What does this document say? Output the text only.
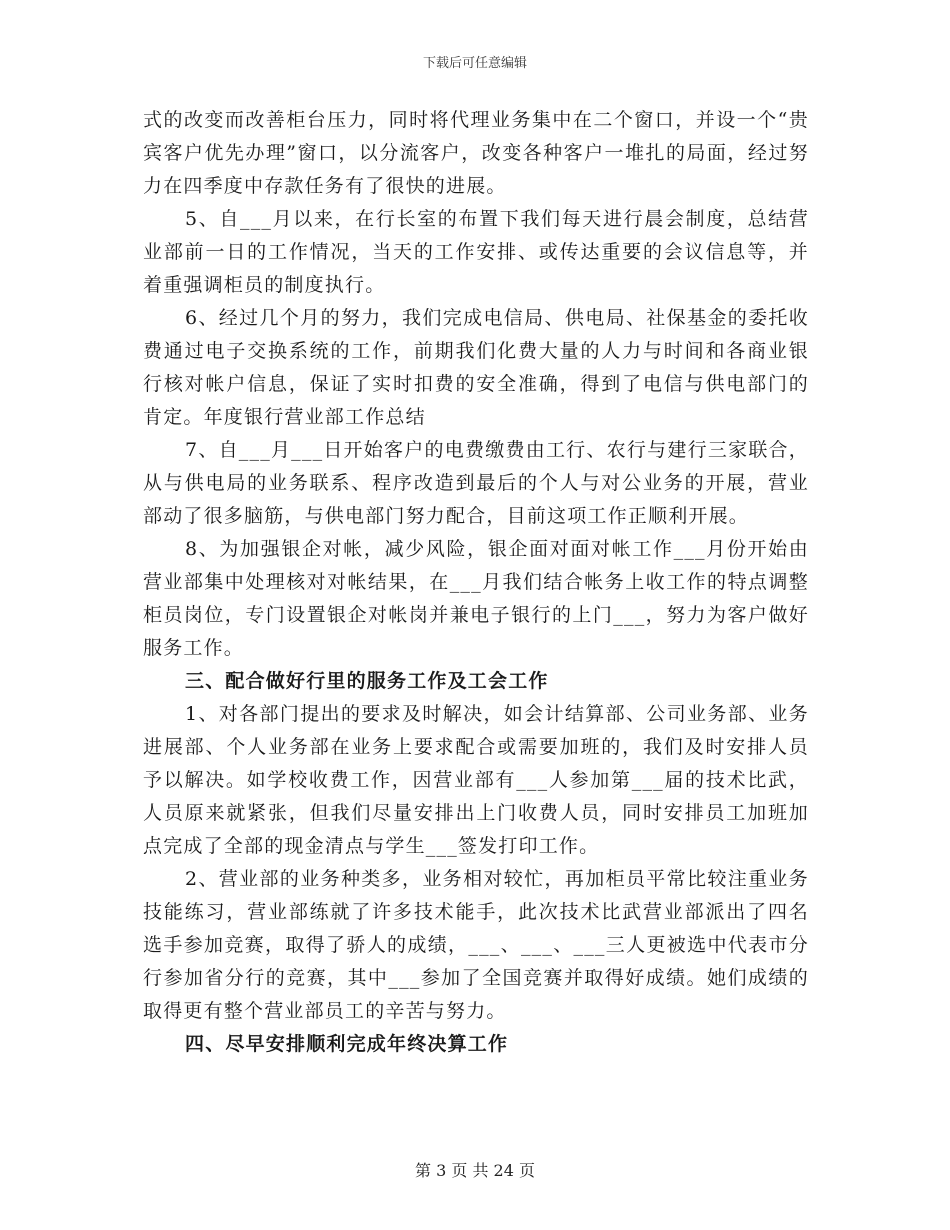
下载后可任意编辑

式的改变而改善柜台压力，同时将代理业务集中在二个窗口，并设一个“贵宾客户优先办理”窗口，以分流客户，改变各种客户一堆扎的局面，经过努力在四季度中存款任务有了很快的进展。

5、自___月以来，在行长室的布置下我们每天进行晨会制度，总结营业部前一日的工作情况，当天的工作安排、或传达重要的会议信息等，并着重强调柜员的制度执行。

6、经过几个月的努力，我们完成电信局、供电局、社保基金的委托收费通过电子交换系统的工作，前期我们化费大量的人力与时间和各商业银行核对帐户信息，保证了实时扣费的安全准确，得到了电信与供电部门的肯定。年度银行营业部工作总结

7、自___月___日开始客户的电费缴费由工行、农行与建行三家联合，从与供电局的业务联系、程序改造到最后的个人与对公业务的开展，营业部动了很多脑筋，与供电部门努力配合，目前这项工作正顺利开展。

8、为加强银企对帐，减少风险，银企面对面对帐工作___月份开始由营业部集中处理核对对帐结果，在___月我们结合帐务上收工作的特点调整柜员岗位，专门设置银企对帐岗并兼电子银行的上门___，努力为客户做好服务工作。

三、配合做好行里的服务工作及工会工作

1、对各部门提出的要求及时解决，如会计结算部、公司业务部、业务进展部、个人业务部在业务上要求配合或需要加班的，我们及时安排人员予以解决。如学校收费工作，因营业部有___人参加第___届的技术比武，人员原来就紧张，但我们尽量安排出上门收费人员，同时安排员工加班加点完成了全部的现金清点与学生___签发打印工作。

2、营业部的业务种类多，业务相对较忙，再加柜员平常比较注重业务技能练习，营业部练就了许多技术能手，此次技术比武营业部派出了四名选手参加竞赛，取得了骄人的成绩，___、___、___三人更被选中代表市分行参加省分行的竞赛，其中___参加了全国竞赛并取得好成绩。她们成绩的取得更有整个营业部员工的辛苦与努力。

四、尽早安排顺利完成年终决算工作

第 3 页 共 24 页
